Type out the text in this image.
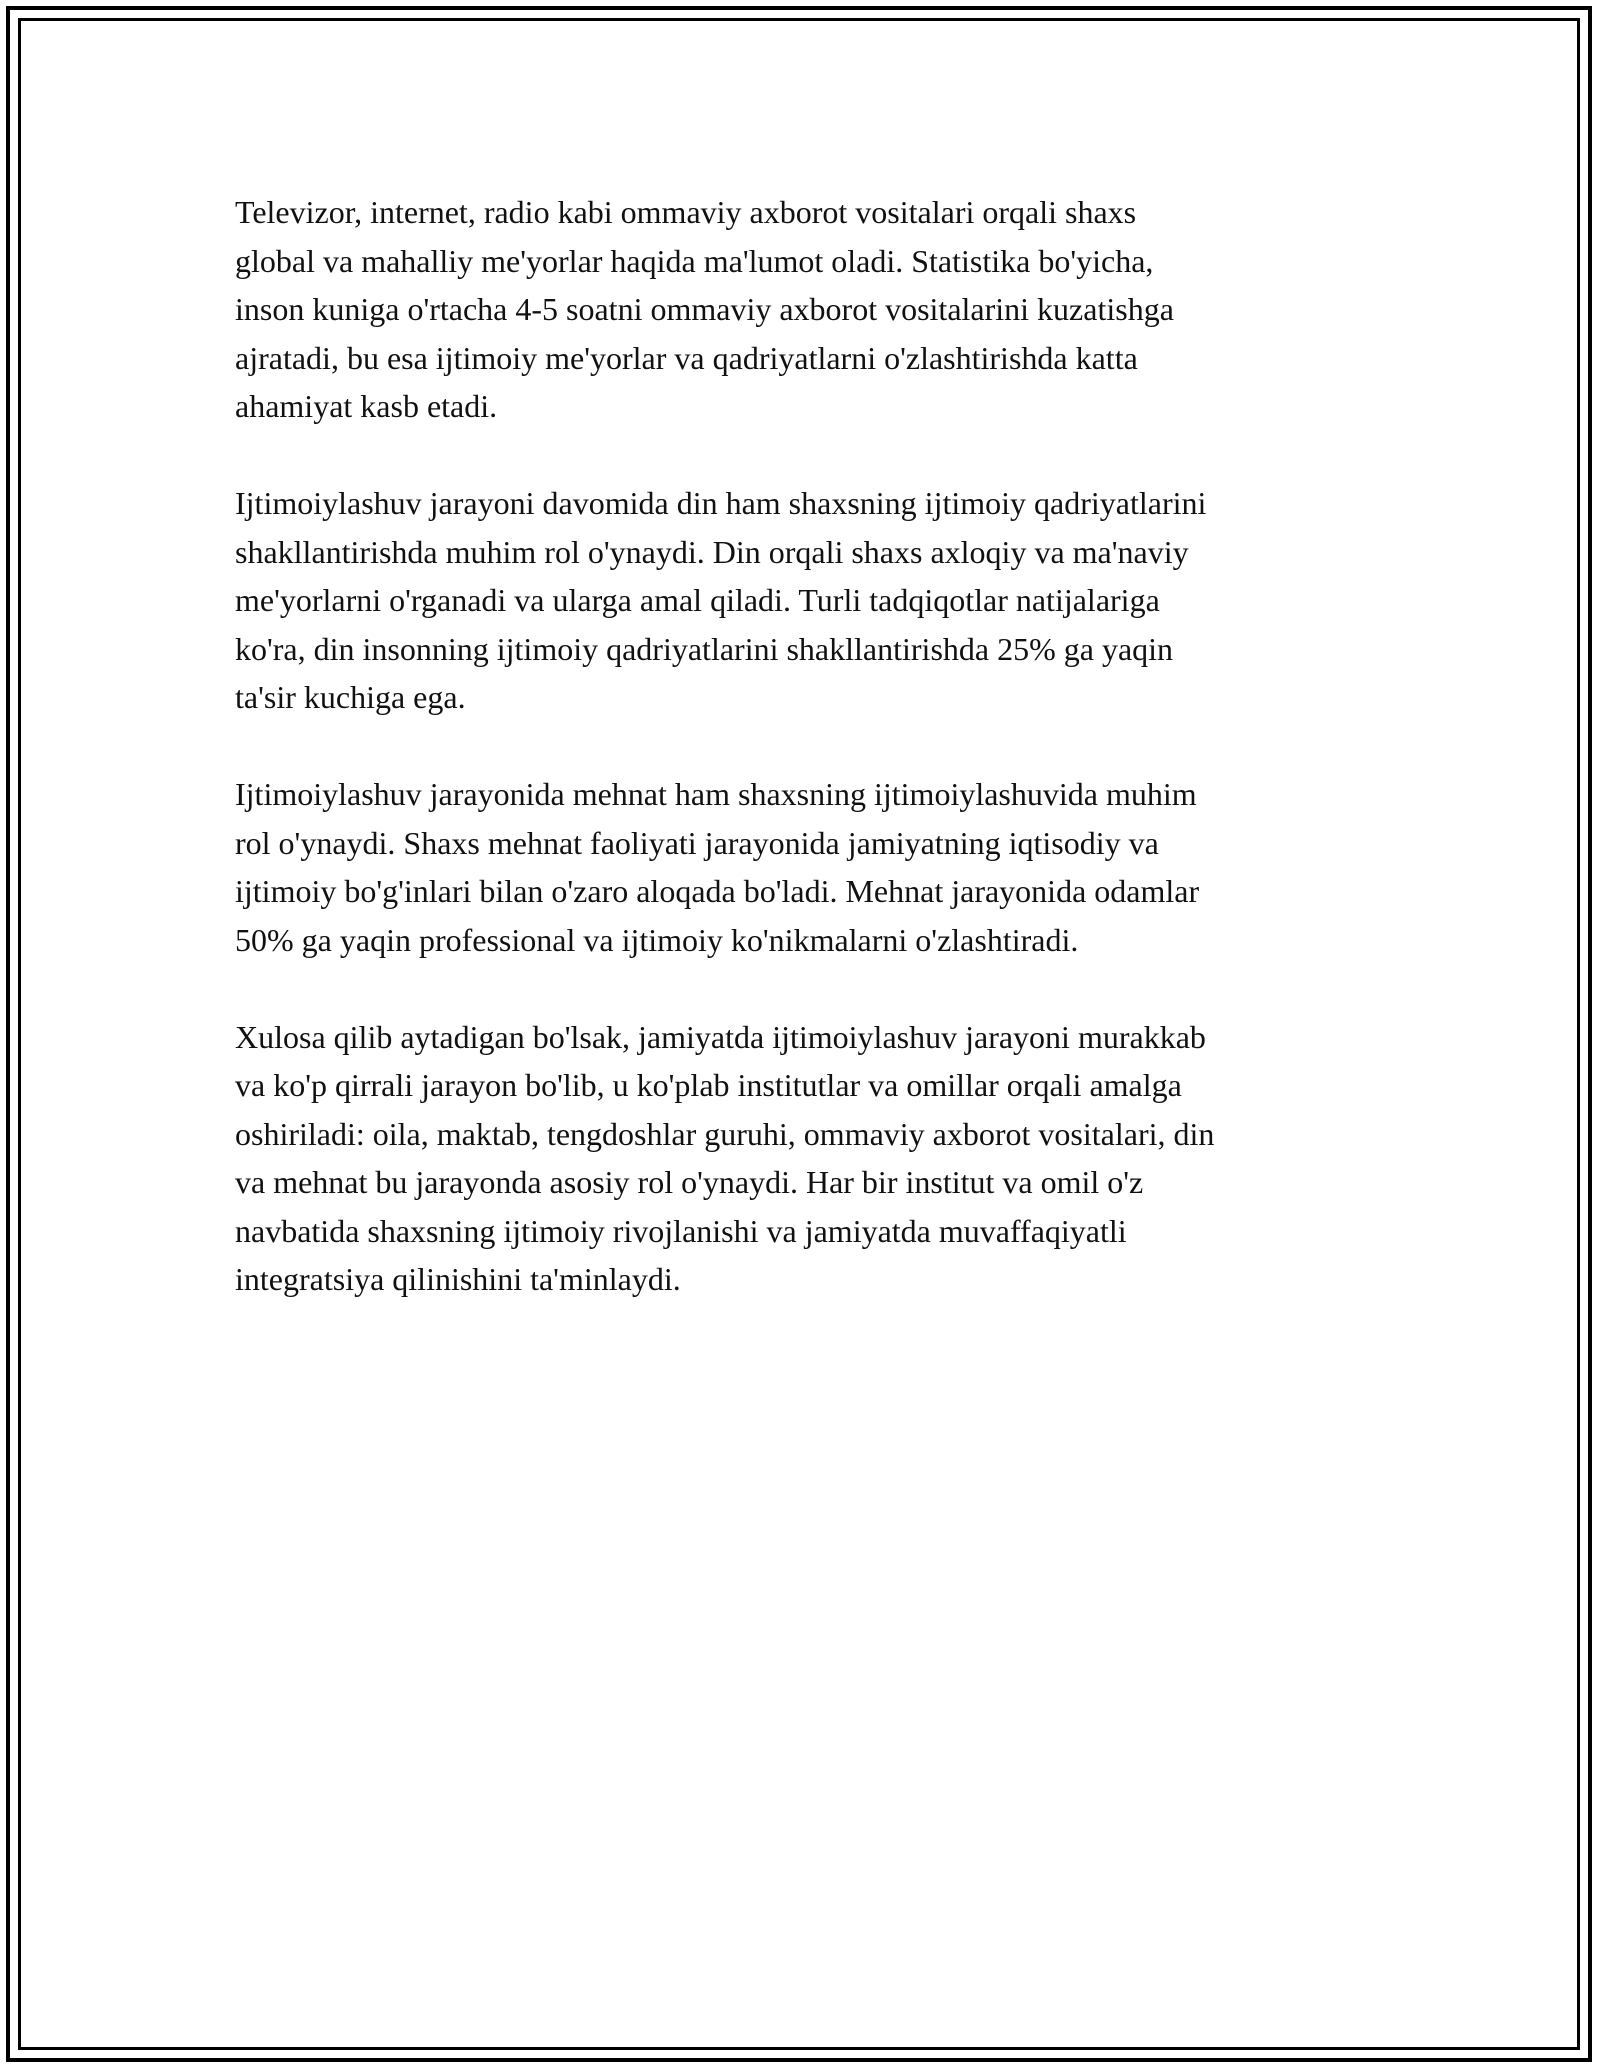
Televizor, internet, radio kabi ommaviy axborot vositalari orqali shaxs
global va mahalliy me'yorlar haqida ma'lumot oladi. Statistika bo'yicha,
inson kuniga o'rtacha 4-5 soatni ommaviy axborot vositalarini kuzatishga
ajratadi, bu esa ijtimoiy me'yorlar va qadriyatlarni o'zlashtirishda katta
ahamiyat kasb etadi.

Ijtimoiylashuv jarayoni davomida din ham shaxsning ijtimoiy qadriyatlarini
shakllantirishda muhim rol o'ynaydi. Din orqali shaxs axloqiy va ma'naviy
me'yorlarni o'rganadi va ularga amal qiladi. Turli tadqiqotlar natijalariga
ko'ra, din insonning ijtimoiy qadriyatlarini shakllantirishda 25% ga yaqin
ta'sir kuchiga ega.

Ijtimoiylashuv jarayonida mehnat ham shaxsning ijtimoiylashuvida muhim
rol o'ynaydi. Shaxs mehnat faoliyati jarayonida jamiyatning iqtisodiy va
ijtimoiy bo'g'inlari bilan o'zaro aloqada bo'ladi. Mehnat jarayonida odamlar
50% ga yaqin professional va ijtimoiy ko'nikmalarni o'zlashtiradi.

Xulosa qilib aytadigan bo'lsak, jamiyatda ijtimoiylashuv jarayoni murakkab
va ko'p qirrali jarayon bo'lib, u ko'plab institutlar va omillar orqali amalga
oshiriladi: oila, maktab, tengdoshlar guruhi, ommaviy axborot vositalari, din
va mehnat bu jarayonda asosiy rol o'ynaydi. Har bir institut va omil o'z
navbatida shaxsning ijtimoiy rivojlanishi va jamiyatda muvaffaqiyatli
integratsiya qilinishini ta'minlaydi.
